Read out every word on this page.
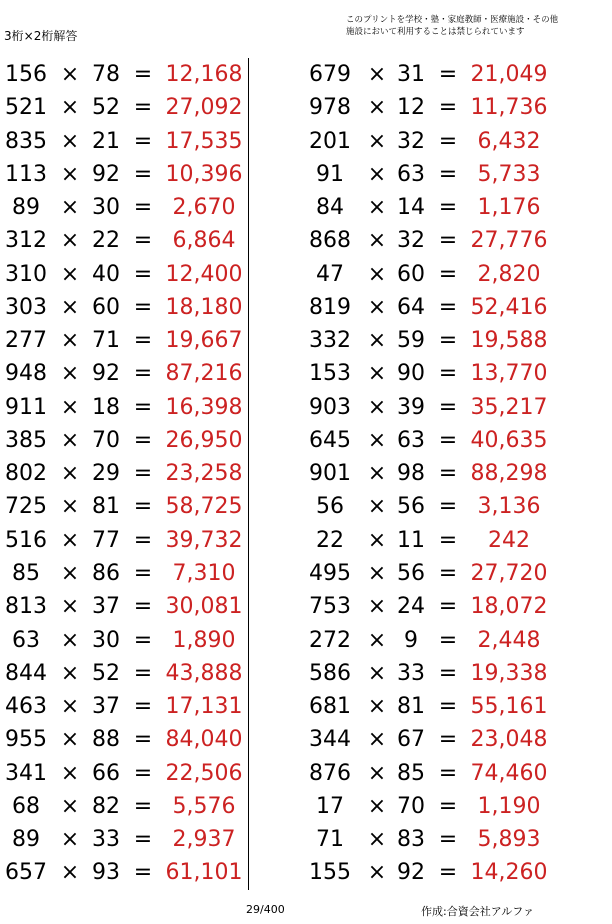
3桁×2桁解答
このプリントを学校・塾・家庭教師・医療施設・その他
施設において利用することは禁じられています
156 × 78 = 12,168
521 × 52 = 27,092
835 × 21 = 17,535
113 × 92 = 10,396
89 × 30 = 2,670
312 × 22 = 6,864
310 × 40 = 12,400
303 × 60 = 18,180
277 × 71 = 19,667
948 × 92 = 87,216
911 × 18 = 16,398
385 × 70 = 26,950
802 × 29 = 23,258
725 × 81 = 58,725
516 × 77 = 39,732
85 × 86 = 7,310
813 × 37 = 30,081
63 × 30 = 1,890
844 × 52 = 43,888
463 × 37 = 17,131
955 × 88 = 84,040
341 × 66 = 22,506
68 × 82 = 5,576
89 × 33 = 2,937
657 × 93 = 61,101
679 × 31 = 21,049
978 × 12 = 11,736
201 × 32 = 6,432
91	× 63 = 5,733
84	× 14 = 1,176
868 × 32 = 27,776
47	× 60 = 2,820
819 × 64 = 52,416
332 × 59 = 19,588
153 × 90 = 13,770
903 × 39 = 35,217
645 × 63 = 40,635
901 × 98 = 88,298
56	× 56 = 3,136
22	× 11 =	242
495 × 56 = 27,720
753 × 24 = 18,072
272 × 9 = 2,448
586 × 33 = 19,338
681 × 81 = 55,161
344 × 67 = 23,048
876 × 85 = 74,460
17	× 70 = 1,190
71	× 83 = 5,893
155 × 92 = 14,260
29/400	作成:合資会社アルファ
